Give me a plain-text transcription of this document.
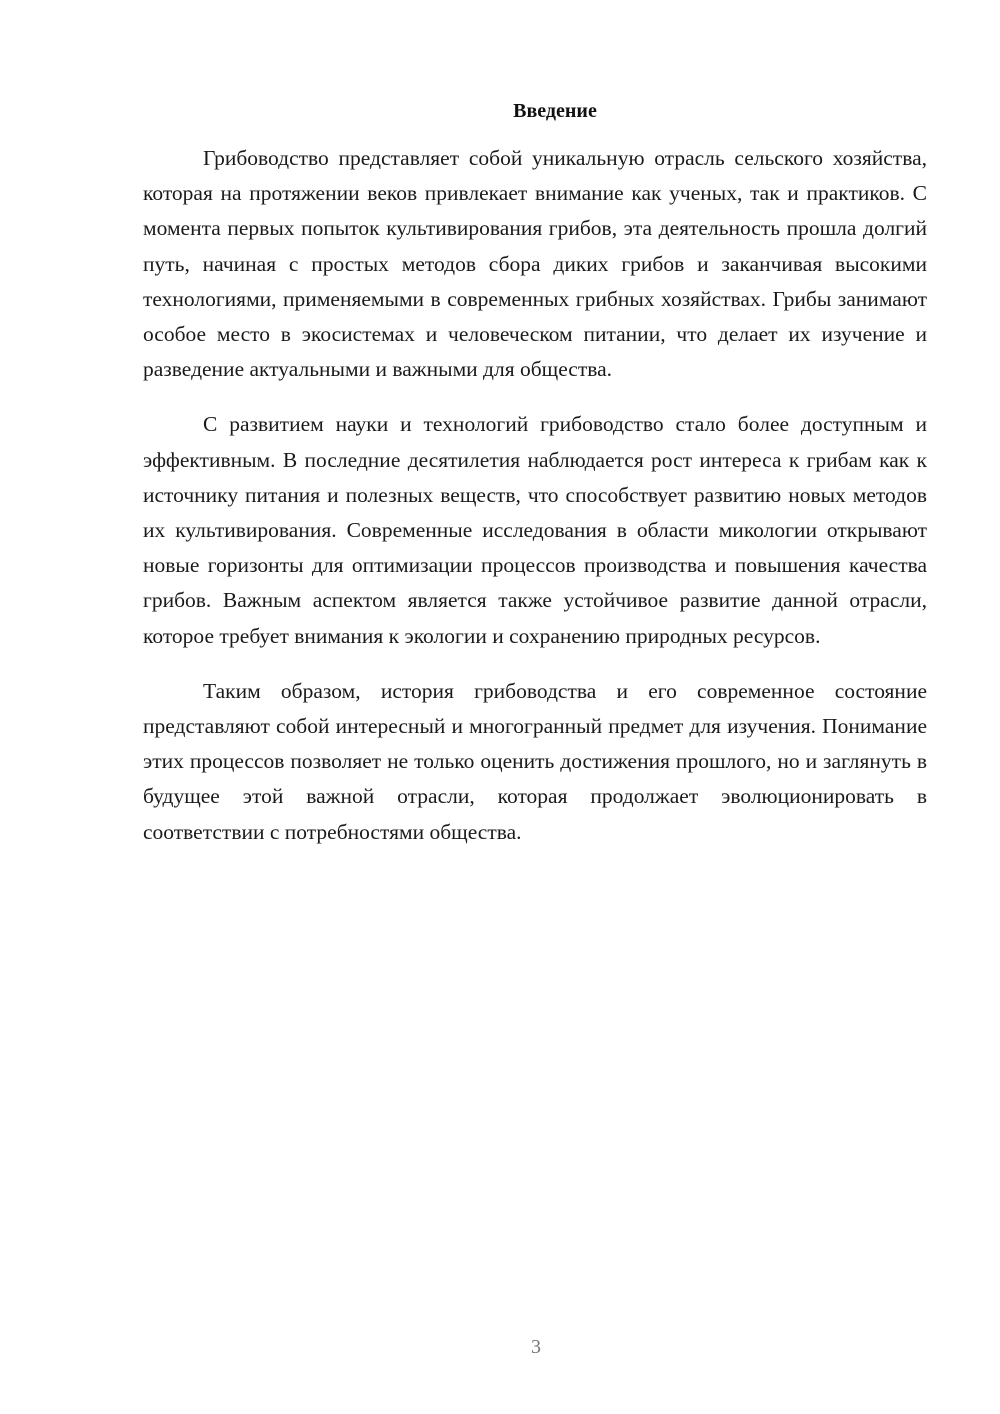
Введение

Грибоводство представляет собой уникальную отрасль сельского хозяйства, которая на протяжении веков привлекает внимание как ученых, так и практиков. С момента первых попыток культивирования грибов, эта деятельность прошла долгий путь, начиная с простых методов сбора диких грибов и заканчивая высокими технологиями, применяемыми в современных грибных хозяйствах. Грибы занимают особое место в экосистемах и человеческом питании, что делает их изучение и разведение актуальными и важными для общества.

С развитием науки и технологий грибоводство стало более доступным и эффективным. В последние десятилетия наблюдается рост интереса к грибам как к источнику питания и полезных веществ, что способствует развитию новых методов их культивирования. Современные исследования в области микологии открывают новые горизонты для оптимизации процессов производства и повышения качества грибов. Важным аспектом является также устойчивое развитие данной отрасли, которое требует внимания к экологии и сохранению природных ресурсов.

Таким образом, история грибоводства и его современное состояние представляют собой интересный и многогранный предмет для изучения. Понимание этих процессов позволяет не только оценить достижения прошлого, но и заглянуть в будущее этой важной отрасли, которая продолжает эволюционировать в соответствии с потребностями общества.

3
